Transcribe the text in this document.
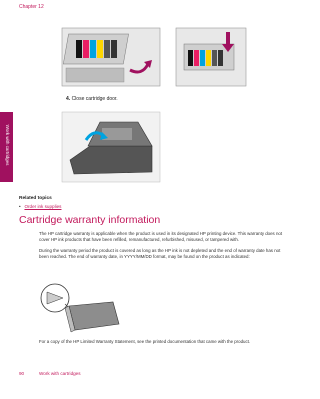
Chapter 12
Work with cartridges
4. Close cartridge door.
Related topics
• Order ink supplies
Cartridge warranty information
The HP cartridge warranty is applicable when the product is used in its designated HP printing device. This warranty does not cover HP ink products that have been refilled, remanufactured, refurbished, misused, or tampered with.
During the warranty period the product is covered as long as the HP ink is not depleted and the end of warranty date has not been reached. The end of warranty date, in YYYY/MM/DD format, may be found on the product as indicated:
For a copy of the HP Limited Warranty Statement, see the printed documentation that came with the product.
90	Work with cartridges
